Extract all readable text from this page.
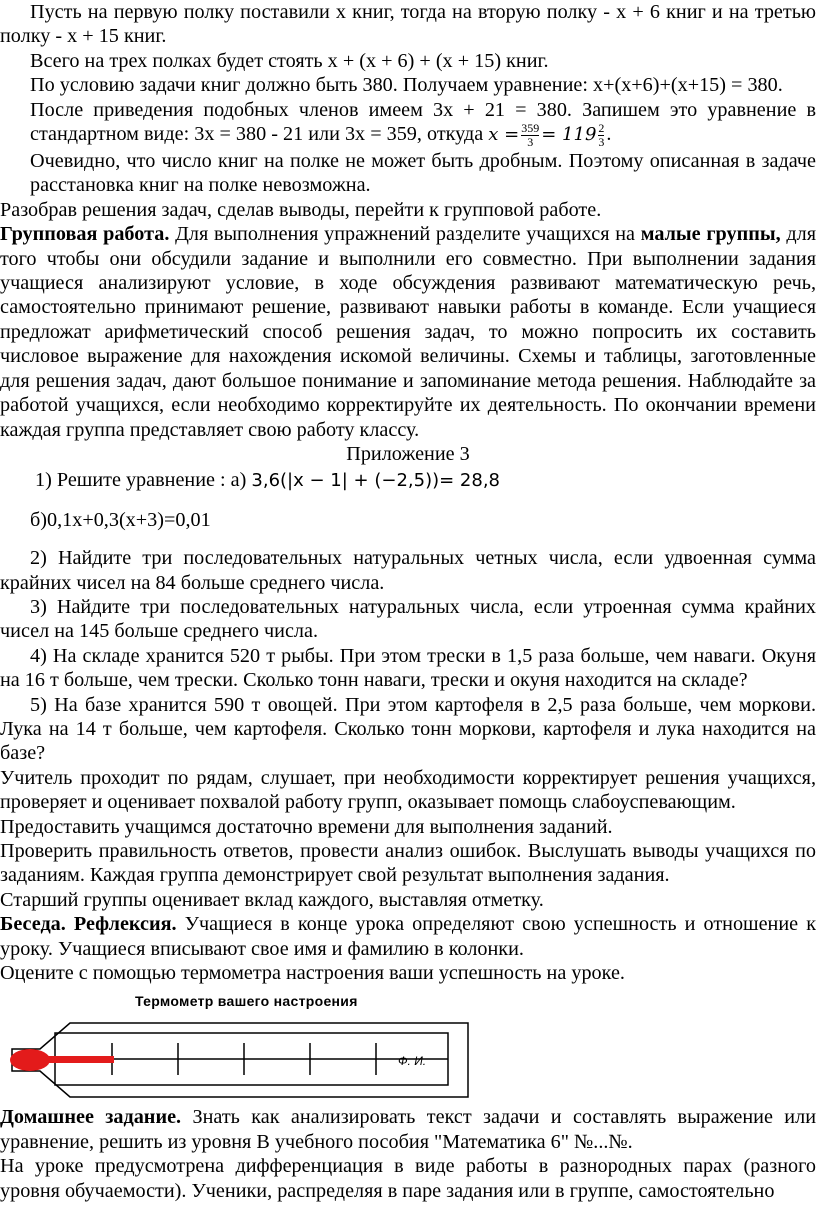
Пусть на первую полку поставили х книг, тогда на вторую полку - х + 6 книг и на третью полку - х + 15 книг.

Всего на трех полках будет стоять х + (х + 6) + (х + 15) книг.

По условию задачи книг должно быть 380. Получаем уравнение: х+(х+6)+(х+15) = 380.

После приведения подобных членов имеем 3х + 21 = 380. Запишем это уравнение в стандартном виде: 3х = 380 - 21 или 3х = 359, откуда $x = \frac{359}{3} = 119 \frac{2}{3}$ .

Очевидно, что число книг на полке не может быть дробным. Поэтому описанная в задаче расстановка книг на полке невозможна.

Разобрав решения задач, сделав выводы, перейти к групповой работе.

Групповая работа. Для выполнения упражнений разделите учащихся на малые группы, для того чтобы они обсудили задание и выполнили его совместно. При выполнении задания учащиеся анализируют условие, в ходе обсуждения развивают математическую речь, самостоятельно принимают решение, развивают навыки работы в команде. Если учащиеся предложат арифметический способ решения задач, то можно попросить их составить числовое выражение для нахождения искомой величины. Схемы и таблицы, заготовленные для решения задач, дают большое понимание и запоминание метода решения. Наблюдайте за работой учащихся, если необходимо корректируйте их деятельность. По окончании времени каждая группа представляет свою работу классу.

Приложение 3

1) Решите уравнение : а) 3,6(|x − 1| + (−2,5))= 28,8

б)0,1х+0,3(х+3)=0,01

2) Найдите три последовательных натуральных четных числа, если удвоенная сумма крайних чисел на 84 больше среднего числа.

3) Найдите три последовательных натуральных числа, если утроенная сумма крайних чисел на 145 больше среднего числа.

4) На складе хранится 520 т рыбы. При этом трески в 1,5 раза больше, чем наваги. Окуня на 16 т больше, чем трески. Сколько тонн наваги, трески и окуня находится на складе?

5) На базе хранится 590 т овощей. При этом картофеля в 2,5 раза больше, чем моркови. Лука на 14 т больше, чем картофеля. Сколько тонн моркови, картофеля и лука находится на базе?

Учитель проходит по рядам, слушает, при необходимости корректирует решения учащихся, проверяет и оценивает похвалой работу групп, оказывает помощь слабоуспевающим.

Предоставить учащимся достаточно времени для выполнения заданий.

Проверить правильность ответов, провести анализ ошибок. Выслушать выводы учащихся по заданиям. Каждая группа демонстрирует свой результат выполнения задания.

Старший группы оценивает вклад каждого, выставляя отметку.

Беседа. Рефлексия. Учащиеся в конце урока определяют свою успешность и отношение к уроку. Учащиеся вписывают свое имя и фамилию в колонки.

Оцените с помощью термометра настроения ваши успешность на уроке.

Термометр вашего настроения
Ф. И.

Домашнее задание. Знать как анализировать текст задачи и составлять выражение или уравнение, решить из уровня В учебного пособия "Математика 6" №...№.

На уроке предусмотрена дифференциация в виде работы в разнородных парах (разного уровня обучаемости). Ученики, распределяя в паре задания или в группе, самостоятельно
